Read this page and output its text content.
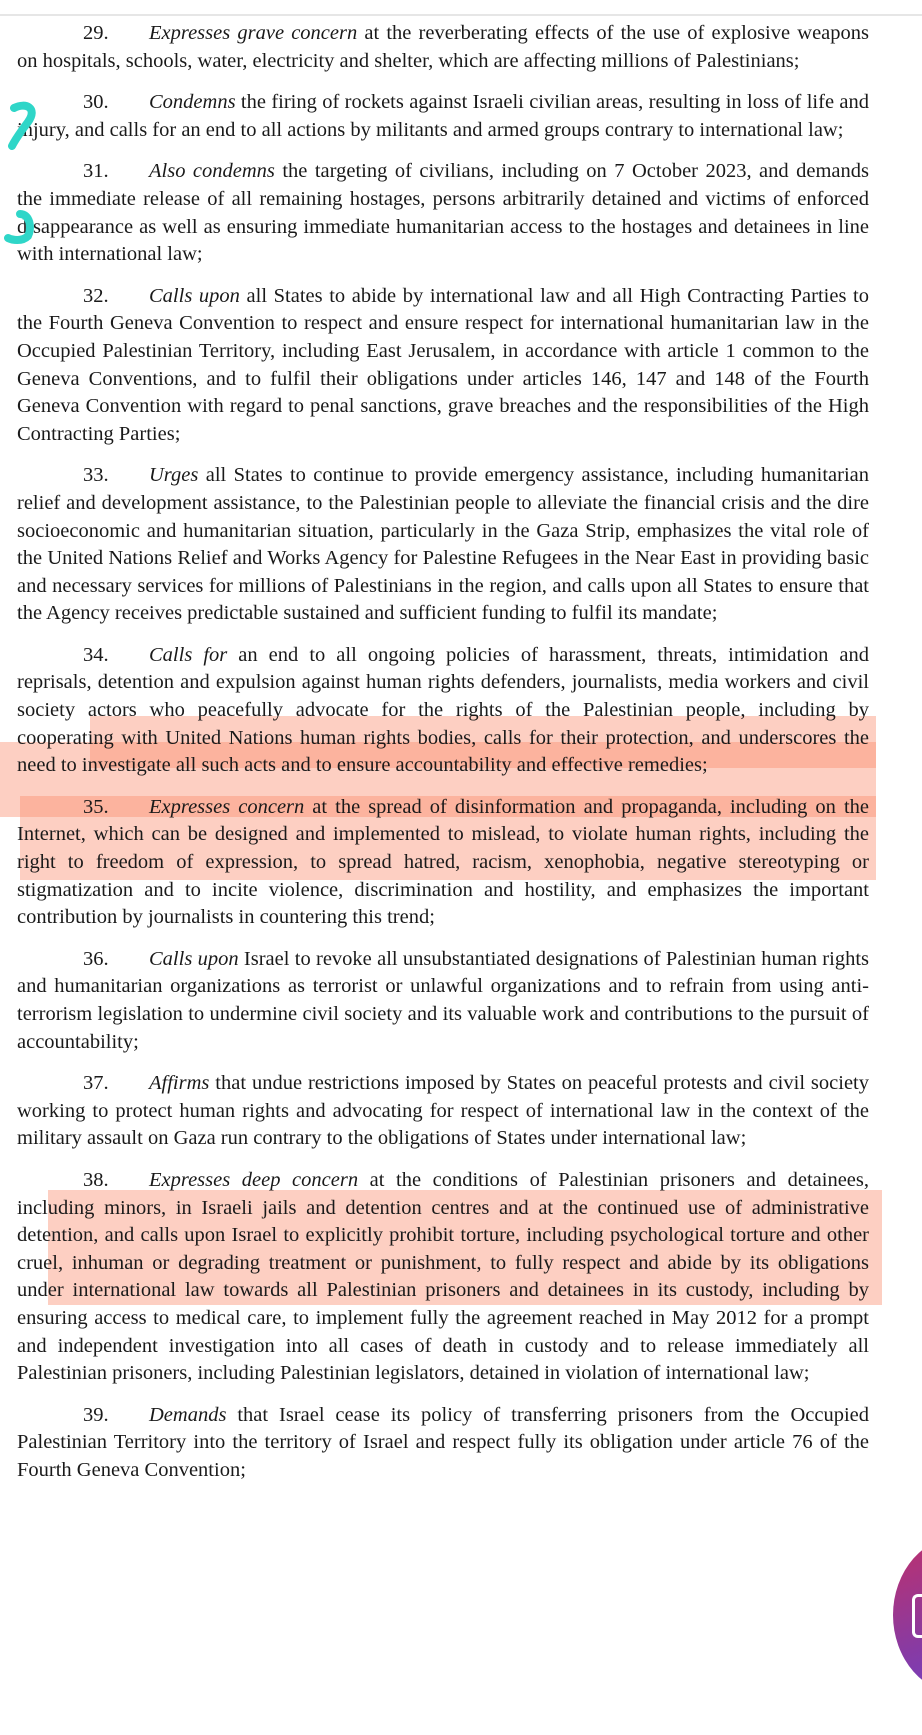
29. Expresses grave concern at the reverberating effects of the use of explosive weapons on hospitals, schools, water, electricity and shelter, which are affecting millions of Palestinians;

30. Condemns the firing of rockets against Israeli civilian areas, resulting in loss of life and injury, and calls for an end to all actions by militants and armed groups contrary to international law;

31. Also condemns the targeting of civilians, including on 7 October 2023, and demands the immediate release of all remaining hostages, persons arbitrarily detained and victims of enforced disappearance as well as ensuring immediate humanitarian access to the hostages and detainees in line with international law;

32. Calls upon all States to abide by international law and all High Contracting Parties to the Fourth Geneva Convention to respect and ensure respect for international humanitarian law in the Occupied Palestinian Territory, including East Jerusalem, in accordance with article 1 common to the Geneva Conventions, and to fulfil their obligations under articles 146, 147 and 148 of the Fourth Geneva Convention with regard to penal sanctions, grave breaches and the responsibilities of the High Contracting Parties;

33. Urges all States to continue to provide emergency assistance, including humanitarian relief and development assistance, to the Palestinian people to alleviate the financial crisis and the dire socioeconomic and humanitarian situation, particularly in the Gaza Strip, emphasizes the vital role of the United Nations Relief and Works Agency for Palestine Refugees in the Near East in providing basic and necessary services for millions of Palestinians in the region, and calls upon all States to ensure that the Agency receives predictable sustained and sufficient funding to fulfil its mandate;

34. Calls for an end to all ongoing policies of harassment, threats, intimidation and reprisals, detention and expulsion against human rights defenders, journalists, media workers and civil society actors who peacefully advocate for the rights of the Palestinian people, including by cooperating with United Nations human rights bodies, calls for their protection, and underscores the need to investigate all such acts and to ensure accountability and effective remedies;

35. Expresses concern at the spread of disinformation and propaganda, including on the Internet, which can be designed and implemented to mislead, to violate human rights, including the right to freedom of expression, to spread hatred, racism, xenophobia, negative stereotyping or stigmatization and to incite violence, discrimination and hostility, and emphasizes the important contribution by journalists in countering this trend;

36. Calls upon Israel to revoke all unsubstantiated designations of Palestinian human rights and humanitarian organizations as terrorist or unlawful organizations and to refrain from using anti-terrorism legislation to undermine civil society and its valuable work and contributions to the pursuit of accountability;

37. Affirms that undue restrictions imposed by States on peaceful protests and civil society working to protect human rights and advocating for respect of international law in the context of the military assault on Gaza run contrary to the obligations of States under international law;

38. Expresses deep concern at the conditions of Palestinian prisoners and detainees, including minors, in Israeli jails and detention centres and at the continued use of administrative detention, and calls upon Israel to explicitly prohibit torture, including psychological torture and other cruel, inhuman or degrading treatment or punishment, to fully respect and abide by its obligations under international law towards all Palestinian prisoners and detainees in its custody, including by ensuring access to medical care, to implement fully the agreement reached in May 2012 for a prompt and independent investigation into all cases of death in custody and to release immediately all Palestinian prisoners, including Palestinian legislators, detained in violation of international law;

39. Demands that Israel cease its policy of transferring prisoners from the Occupied Palestinian Territory into the territory of Israel and respect fully its obligation under article 76 of the Fourth Geneva Convention;
